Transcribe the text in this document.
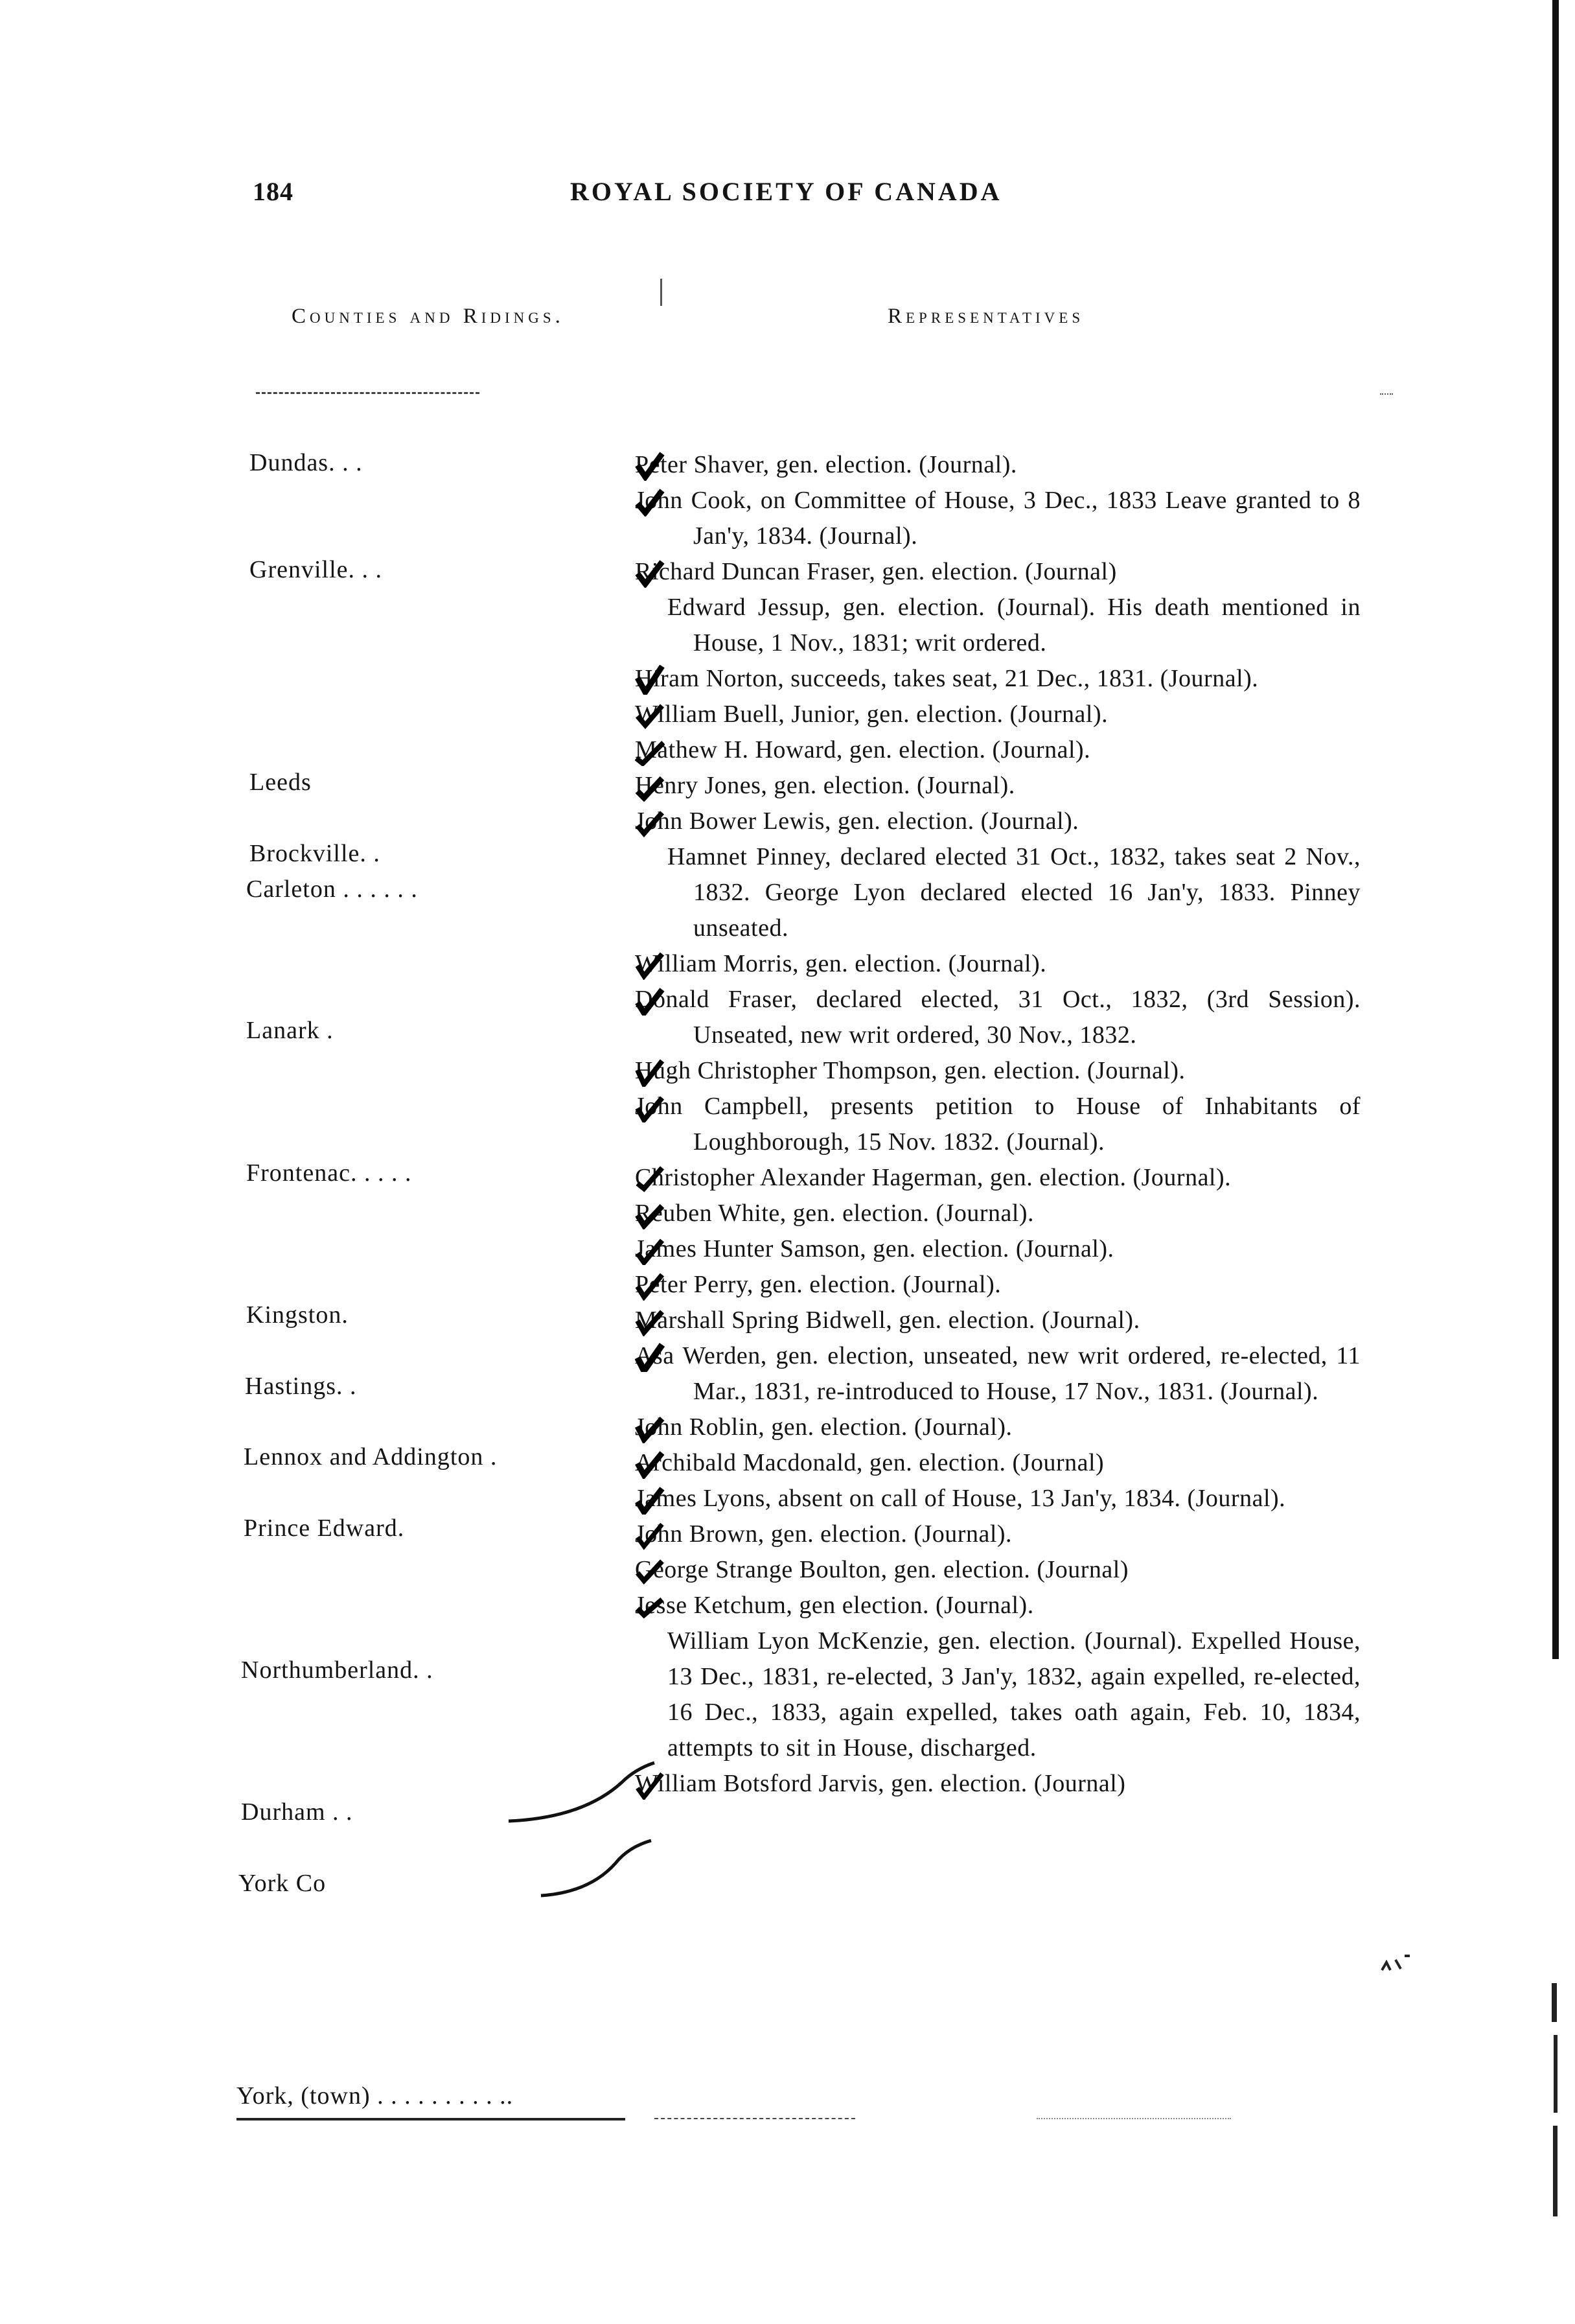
184	ROYAL SOCIETY OF CANADA
Counties and Ridings.	Representatives
Dundas. . .
Grenville. . .
Leeds
Brockville. .
Carleton . . . . . .
Lanark .
Frontenac. . . . .
Kingston.
Hastings. .
Lennox and Addington .
Prince Edward.
Northumberland. .
Durham . .
York Co
York, (town) . . . . . . . . . ..
Peter Shaver, gen. election. (Journal).
John Cook, on Committee of House, 3 Dec., 1833 Leave granted to 8 Jan'y, 1834. (Journal).
Richard Duncan Fraser, gen. election. (Journal)
Edward Jessup, gen. election. (Journal). His death mentioned in House, 1 Nov., 1831; writ ordered.
Hiram Norton, succeeds, takes seat, 21 Dec., 1831. (Journal).
William Buell, Junior, gen. election. (Journal).
Mathew H. Howard, gen. election. (Journal).
Henry Jones, gen. election. (Journal).
John Bower Lewis, gen. election. (Journal).
Hamnet Pinney, declared elected 31 Oct., 1832, takes seat 2 Nov., 1832. George Lyon declared elected 16 Jan'y, 1833. Pinney unseated.
William Morris, gen. election. (Journal).
Donald Fraser, declared elected, 31 Oct., 1832, (3rd Session). Unseated, new writ ordered, 30 Nov., 1832.
Hugh Christopher Thompson, gen. election. (Journal).
John Campbell, presents petition to House of Inhabitants of Loughborough, 15 Nov. 1832. (Journal).
Christopher Alexander Hagerman, gen. election. (Journal).
Reuben White, gen. election. (Journal).
James Hunter Samson, gen. election. (Journal).
Peter Perry, gen. election. (Journal).
Marshall Spring Bidwell, gen. election. (Journal).
Asa Werden, gen. election, unseated, new writ ordered, re-elected, 11 Mar., 1831, re-introduced to House, 17 Nov., 1831. (Journal).
John Roblin, gen. election. (Journal).
Archibald Macdonald, gen. election. (Journal)
James Lyons, absent on call of House, 13 Jan'y, 1834. (Journal).
John Brown, gen. election. (Journal).
George Strange Boulton, gen. election. (Journal)
Jesse Ketchum, gen election. (Journal).
William Lyon McKenzie, gen. election. (Journal). Expelled House, 13 Dec., 1831, re-elected, 3 Jan'y, 1832, again expelled, re-elected, 16 Dec., 1833, again expelled, takes oath again, Feb. 10, 1834, attempts to sit in House, discharged.
William Botsford Jarvis, gen. election. (Journal)
